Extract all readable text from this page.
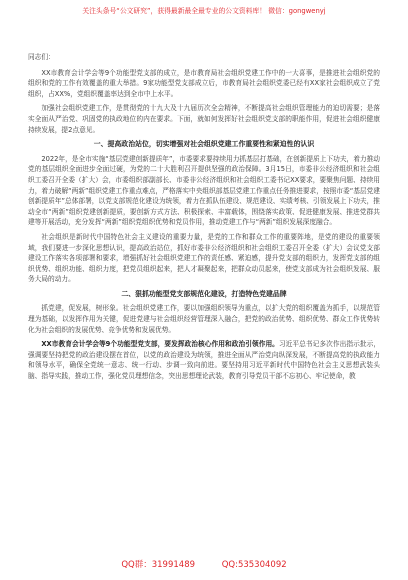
关注头条号“公文研究”，获得最新最全最专业的公文资料库！ 微信：gongwenyj
同志们：
XX市教育会计学会等9个功能型党支部的成立，是市教育局社会组织党建工作中的一大喜事，是推进社会组织党的组织和党的工作有效覆盖的重大举措。9家功能型党支部成立后，市教育局社会组织党委已经有XX家社会组织成立了党组织，占XX%，党组织覆盖率达到全市中上水平。
加强社会组织党建工作，是贯彻党的十九大及十九届历次全会精神，不断提高社会组织管理能力的迫切需要；是落实全面从严治党、巩固党的执政地位的内在要求。下面，就如何发挥好社会组织党支部的职能作用，促进社会组织健康持续发展，提2点意见。
一、提高政治站位，切实增强对社会组织党建工作重要性和紧迫性的认识
2022年，是全市实施“基层党建创新提质年”，市委要求要持续用力抓基层打基础，在创新提质上下功夫，着力推动党的基层组织全面进步全面过硬，为党的二十大胜利召开提供坚强的政治保障。3月15日，市委非公经济组织和社会组织工委召开全委（扩大）会，市委组织部副部长、市委非公经济组织和社会组织工委书记XX要求，要聚焦问题、持续用力，着力破解“两新”组织党建工作重点难点，严格落实中央组织部基层党建工作重点任务推进要求，按照市委“基层党建创新提质年”总体部署，以党支部规范化建设为统领，着力在抓队伍建设、规范建设、实绩考核、引领发展上下功夫，推动全市“两新”组织党建创新提质，要创新方式方法、积极探索、丰富载体，围绕落实政策、促进健康发展、推进党群共建等开展活动，充分发挥“两新”组织党组织优势和党员作用，推动党建工作与“两新”组织发展深度融合。
社会组织是新时代中国特色社会主义建设的重要力量，是党的工作和群众工作的重要阵地，是党的建设的重要领域，我们要进一步深化思想认识，提高政治站位，抓好市委非公经济组织和社会组织工委召开全委（扩大）会议党支部建设工作落实各项部署和要求，增强抓好社会组织党建工作的责任感、紧迫感，提升党支部的组织力，发挥党支部的组织优势、组织功能、组织力度，把党员组织起来，把人才凝聚起来，把群众动员起来，使党支部成为社会组织发展、服务大局的动力。
二、狠抓功能型党支部规范化建设，打造特色党建品牌
抓党建，促发展，树形象。社会组织党建工作，要以加强组织领导为重点，以扩大党的组织覆盖为抓手，以规范管理为基础，以发挥作用为关键，促进党建与社会组织经营管理深入融合，把党的政治优势、组织优势、群众工作优势转化为社会组织的发展优势、竞争优势和发展优势。
XX市教育会计学会等9个功能型党支部，要发挥政治核心作用和政治引领作用。习近平总书记多次作出指示批示，强调要坚持把党的政治建设摆在首位，以党的政治建设为统领，推进全面从严治党向纵深发展，不断提高党的执政能力和领导水平，确保全党统一意志、统一行动、步调一致向前进。要坚持用习近平新时代中国特色社会主义思想武装头脑、指导实践，推动工作，强化党员理想信念，突出思想理论武装，教育引导党员干部不忘初心、牢记使命，教
QQ群：31991489	QQ:535304092
